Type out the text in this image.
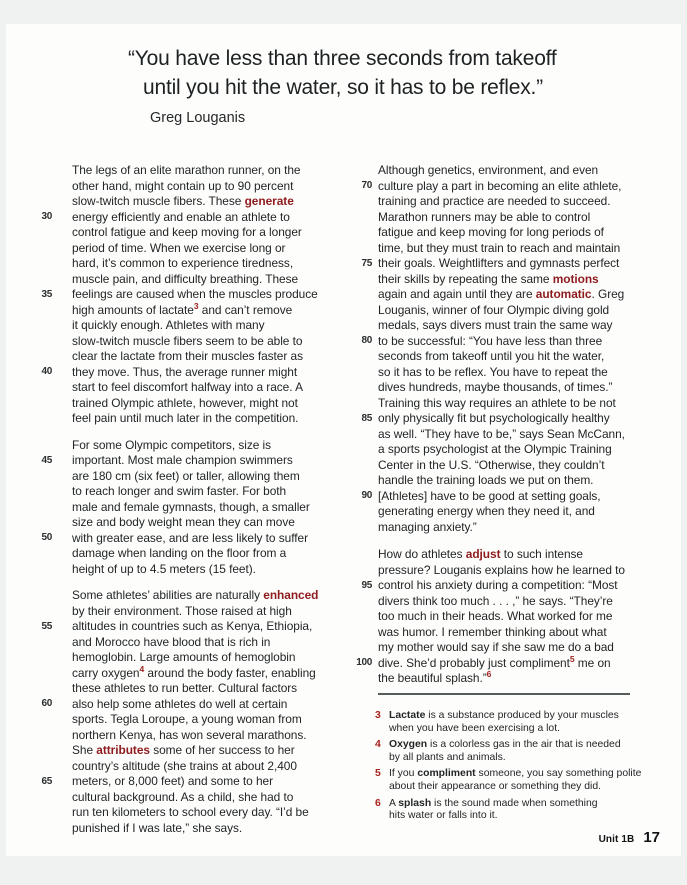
“You have less than three seconds from takeoff
until you hit the water, so it has to be reflex.”
Greg Louganis
30
35
40
45
50
55
60
65

The legs of an elite marathon runner, on the
other hand, might contain up to 90 percent
slow-twitch muscle fibers. These generate
energy efficiently and enable an athlete to
control fatigue and keep moving for a longer
period of time. When we exercise long or
hard, it’s common to experience tiredness,
muscle pain, and difficulty breathing. These
feelings are caused when the muscles produce
high amounts of lactate$^3$ and can’t remove
it quickly enough. Athletes with many
slow-twitch muscle fibers seem to be able to
clear the lactate from their muscles faster as
they move. Thus, the average runner might
start to feel discomfort halfway into a race. A
trained Olympic athlete, however, might not
feel pain until much later in the competition.

For some Olympic competitors, size is
important. Most male champion swimmers
are 180 cm (six feet) or taller, allowing them
to reach longer and swim faster. For both
male and female gymnasts, though, a smaller
size and body weight mean they can move
with greater ease, and are less likely to suffer
damage when landing on the floor from a
height of up to 4.5 meters (15 feet).

Some athletes’ abilities are naturally enhanced
by their environment. Those raised at high
altitudes in countries such as Kenya, Ethiopia,
and Morocco have blood that is rich in
hemoglobin. Large amounts of hemoglobin
carry oxygen$^4$ around the body faster, enabling
these athletes to run better. Cultural factors
also help some athletes do well at certain
sports. Tegla Loroupe, a young woman from
northern Kenya, has won several marathons.
She attributes some of her success to her
country’s altitude (she trains at about 2,400
meters, or 8,000 feet) and some to her
cultural background. As a child, she had to
run ten kilometers to school every day. “I’d be
punished if I was late,” she says.

70
75
80
85
90
95
100

Although genetics, environment, and even
culture play a part in becoming an elite athlete,
training and practice are needed to succeed.
Marathon runners may be able to control
fatigue and keep moving for long periods of
time, but they must train to reach and maintain
their goals. Weightlifters and gymnasts perfect
their skills by repeating the same motions
again and again until they are automatic. Greg
Louganis, winner of four Olympic diving gold
medals, says divers must train the same way
to be successful: “You have less than three
seconds from takeoff until you hit the water,
so it has to be reflex. You have to repeat the
dives hundreds, maybe thousands, of times.”
Training this way requires an athlete to be not
only physically fit but psychologically healthy
as well. “They have to be,” says Sean McCann,
a sports psychologist at the Olympic Training
Center in the U.S. “Otherwise, they couldn’t
handle the training loads we put on them.
[Athletes] have to be good at setting goals,
generating energy when they need it, and
managing anxiety.”

How do athletes adjust to such intense
pressure? Louganis explains how he learned to
control his anxiety during a competition: “Most
divers think too much . . . ,” he says. “They’re
too much in their heads. What worked for me
was humor. I remember thinking about what
my mother would say if she saw me do a bad
dive. She’d probably just compliment$^5$ me on
the beautiful splash.”$^6$

3 Lactate is a substance produced by your muscles
when you have been exercising a lot.
4 Oxygen is a colorless gas in the air that is needed
by all plants and animals.
5 If you compliment someone, you say something polite
about their appearance or something they did.
6 A splash is the sound made when something
hits water or falls into it.
Unit 1B 17
